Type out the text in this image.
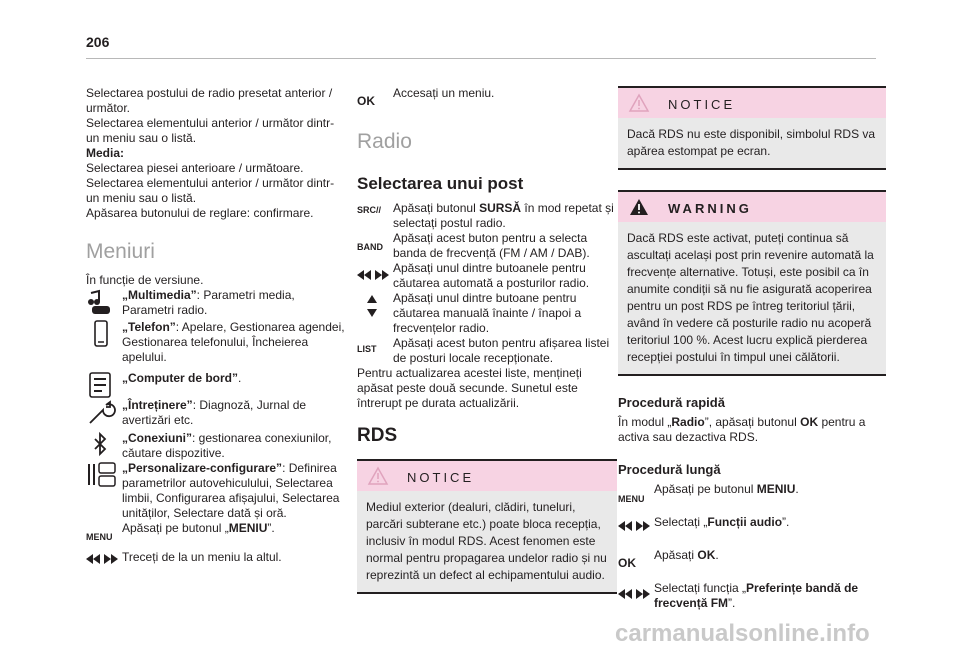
206

Selectarea postului de radio presetat anterior / următor.

Selectarea elementului anterior / următor dintr-un meniu sau o listă.

Media:

Selectarea piesei anterioare / următoare.

Selectarea elementului anterior / următor dintr-un meniu sau o listă.

Apăsarea butonului de reglare: confirmare.

Meniuri

În funcție de versiune.

„Multimedia”: Parametri media, Parametri radio.
„Telefon”: Apelare, Gestionarea agendei, Gestionarea telefonului, Încheierea apelului.
„Computer de bord”.
„Întreținere”: Diagnoză, Jurnal de avertizări etc.
„Conexiuni”: gestionarea conexiunilor, căutare dispozitive.
„Personalizare-configurare”: Definirea parametrilor autovehiculului, Selectarea limbii, Configurarea afișajului, Selectarea unităților, Selectare dată și oră.
MENU
Apăsați pe butonul „MENIU”.
Treceți de la un meniu la altul.
OK
Accesați un meniu.
Radio
Selectarea unui post
SRC/​/ Apăsați butonul SURSĂ în mod repetat și selectați postul radio.
BAND
Apăsați acest buton pentru a selecta banda de frecvență (FM / AM / DAB).
Apăsați unul dintre butoanele pentru căutarea automată a posturilor radio.
Apăsați unul dintre butoane pentru căutarea manuală înainte / înapoi a frecvențelor radio.
LIST Apăsați acest buton pentru afișarea listei de posturi locale recepționate.

Pentru actualizarea acestei liste, mențineți apăsat peste două secunde. Sunetul este întrerupt pe durata actualizării.

RDS
NOTICE
Mediul exterior (dealuri, clădiri, tuneluri, parcări subterane etc.) poate bloca recepția, inclusiv în modul RDS. Acest fenomen este normal pentru propagarea undelor radio și nu reprezintă un defect al echipamentului audio.
NOTICE
Dacă RDS nu este disponibil, simbolul RDS va apărea estompat pe ecran.
WARNING
Dacă RDS este activat, puteți continua să ascultați același post prin revenire automată la frecvențe alternative. Totuși, este posibil ca în anumite condiții să nu fie asigurată acoperirea pentru un post RDS pe întreg teritoriul țării, având în vedere că posturile radio nu acoperă teritoriul 100 %. Acest lucru explică pierderea recepției postului în timpul unei călătorii.
Procedură rapidă

În modul „Radio”, apăsați butonul OK pentru a activa sau dezactiva RDS.

Procedură lungă
MENU
Apăsați pe butonul MENIU.
Selectați „Funcții audio”.
OK
Apăsați OK.
Selectați funcția „Preferințe bandă de frecvență FM”.
carmanualsonline.info
